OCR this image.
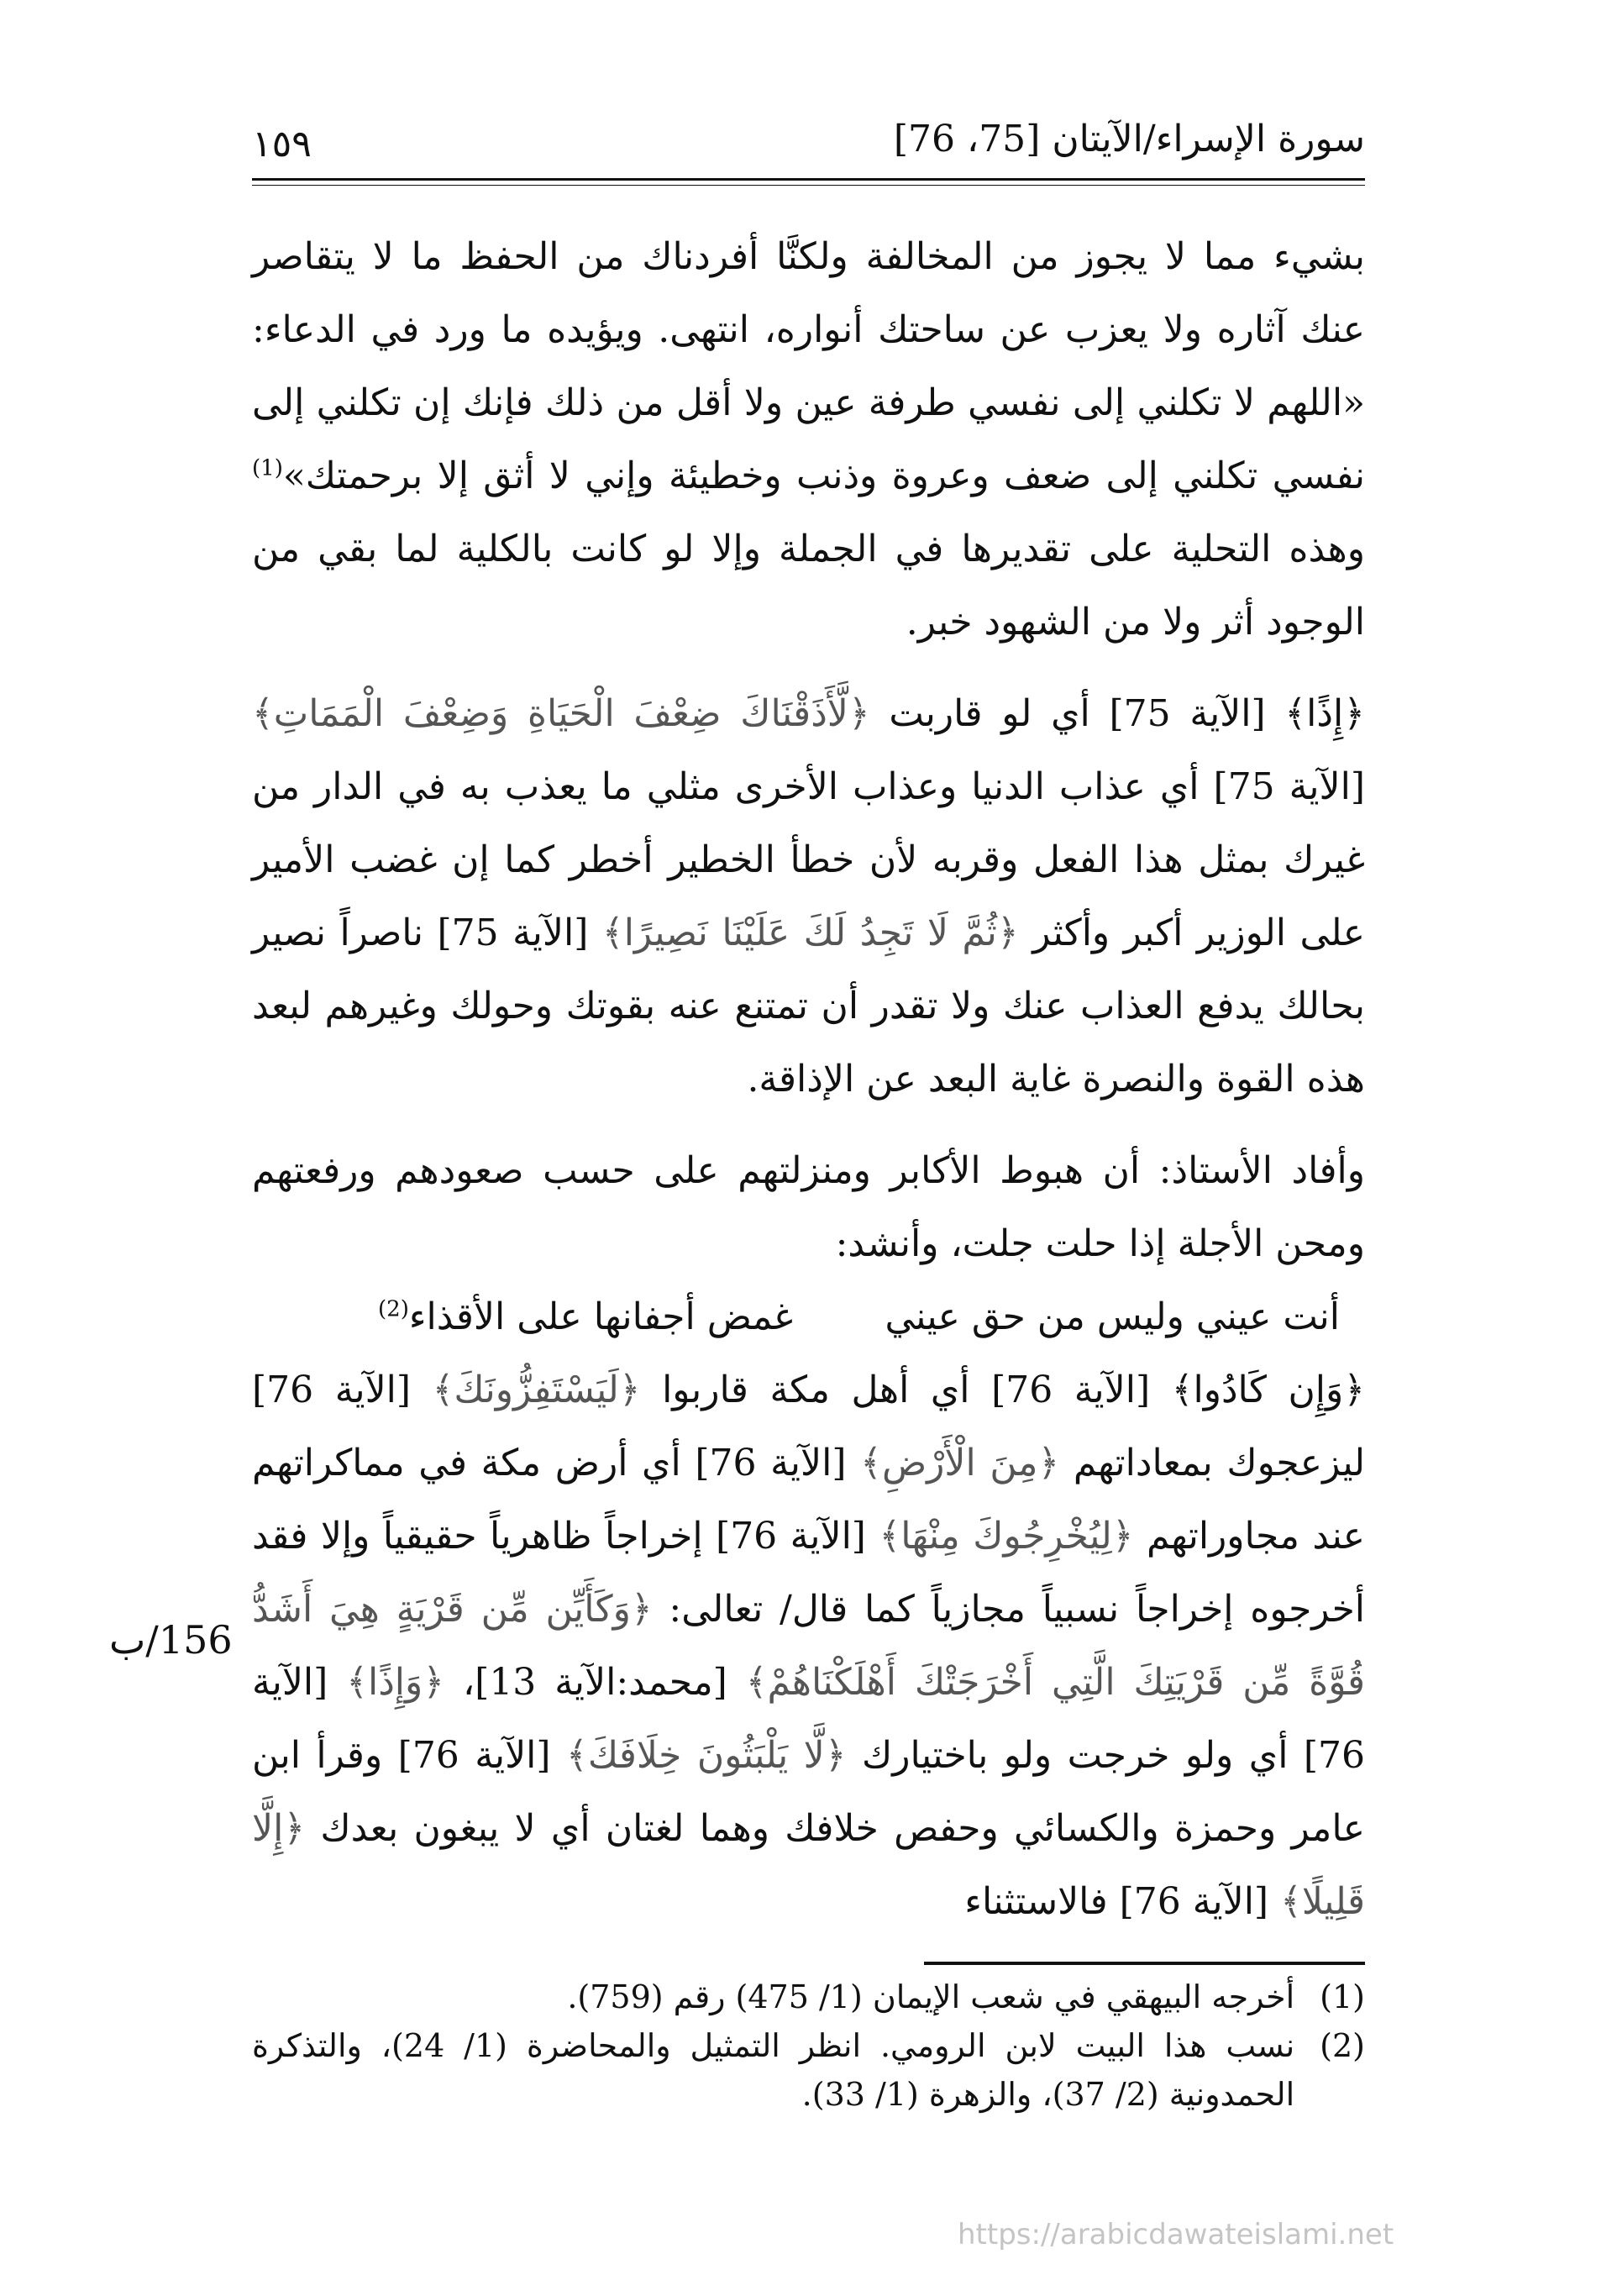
١٥٩	سورة الإسراء/الآيتان [75، 76]

بشيء مما لا يجوز من المخالفة ولكنَّا أفردناك من الحفظ ما لا يتقاصر عنك آثاره ولا يعزب عن ساحتك أنواره، انتهى. ويؤيده ما ورد في الدعاء: «اللهم لا تكلني إلى نفسي طرفة عين ولا أقل من ذلك فإنك إن تكلني إلى نفسي تكلني إلى ضعف وعروة وذنب وخطيئة وإني لا أثق إلا برحمتك»$^{(1)}$ وهذه التحلية على تقديرها في الجملة وإلا لو كانت بالكلية لما بقي من الوجود أثر ولا من الشهود خبر.

﴿إِذًا﴾ [الآية 75] أي لو قاربت ﴿لَّأَذَقْنَاكَ ضِعْفَ الْحَيَاةِ وَضِعْفَ الْمَمَاتِ﴾ [الآية 75] أي عذاب الدنيا وعذاب الأخرى مثلي ما يعذب به في الدار من غيرك بمثل هذا الفعل وقربه لأن خطأ الخطير أخطر كما إن غضب الأمير على الوزير أكبر وأكثر ﴿ثُمَّ لَا تَجِدُ لَكَ عَلَيْنَا نَصِيرًا﴾ [الآية 75] ناصراً نصير بحالك يدفع العذاب عنك ولا تقدر أن تمتنع عنه بقوتك وحولك وغيرهم لبعد هذه القوة والنصرة غاية البعد عن الإذاقة.

وأفاد الأستاذ: أن هبوط الأكابر ومنزلتهم على حسب صعودهم ورفعتهم ومحن الأجلة إذا حلت جلت، وأنشد:

أنت عيني وليس من حق عيني
غمض أجفانها على الأقذاء$^{(2)}$

﴿وَإِن كَادُوا﴾ [الآية 76] أي أهل مكة قاربوا ﴿لَيَسْتَفِزُّونَكَ﴾ [الآية 76] ليزعجوك بمعاداتهم ﴿مِنَ الْأَرْضِ﴾ [الآية 76] أي أرض مكة في مماكراتهم عند مجاوراتهم ﴿لِيُخْرِجُوكَ مِنْهَا﴾ [الآية 76] إخراجاً ظاهرياً حقيقياً وإلا فقد أخرجوه إخراجاً نسبياً مجازياً كما قال/ تعالى: ﴿وَكَأَيِّن مِّن قَرْيَةٍ هِيَ أَشَدُّ قُوَّةً مِّن قَرْيَتِكَ الَّتِي أَخْرَجَتْكَ أَهْلَكْنَاهُمْ﴾ [محمد:الآية 13]، ﴿وَإِذًا﴾ [الآية 76] أي ولو خرجت ولو باختيارك ﴿لَّا يَلْبَثُونَ خِلَافَكَ﴾ [الآية 76] وقرأ ابن عامر وحمزة والكسائي وحفص خلافك وهما لغتان أي لا يبغون بعدك ﴿إِلَّا قَلِيلًا﴾ [الآية 76] فالاستثناء

156/ب
(1)
أخرجه البيهقي في شعب الإيمان (1/ 475) رقم (759).
(2)
نسب هذا البيت لابن الرومي. انظر التمثيل والمحاضرة (1/ 24)، والتذكرة الحمدونية (2/ 37)، والزهرة (1/ 33).
https://arabicdawateislami.net
